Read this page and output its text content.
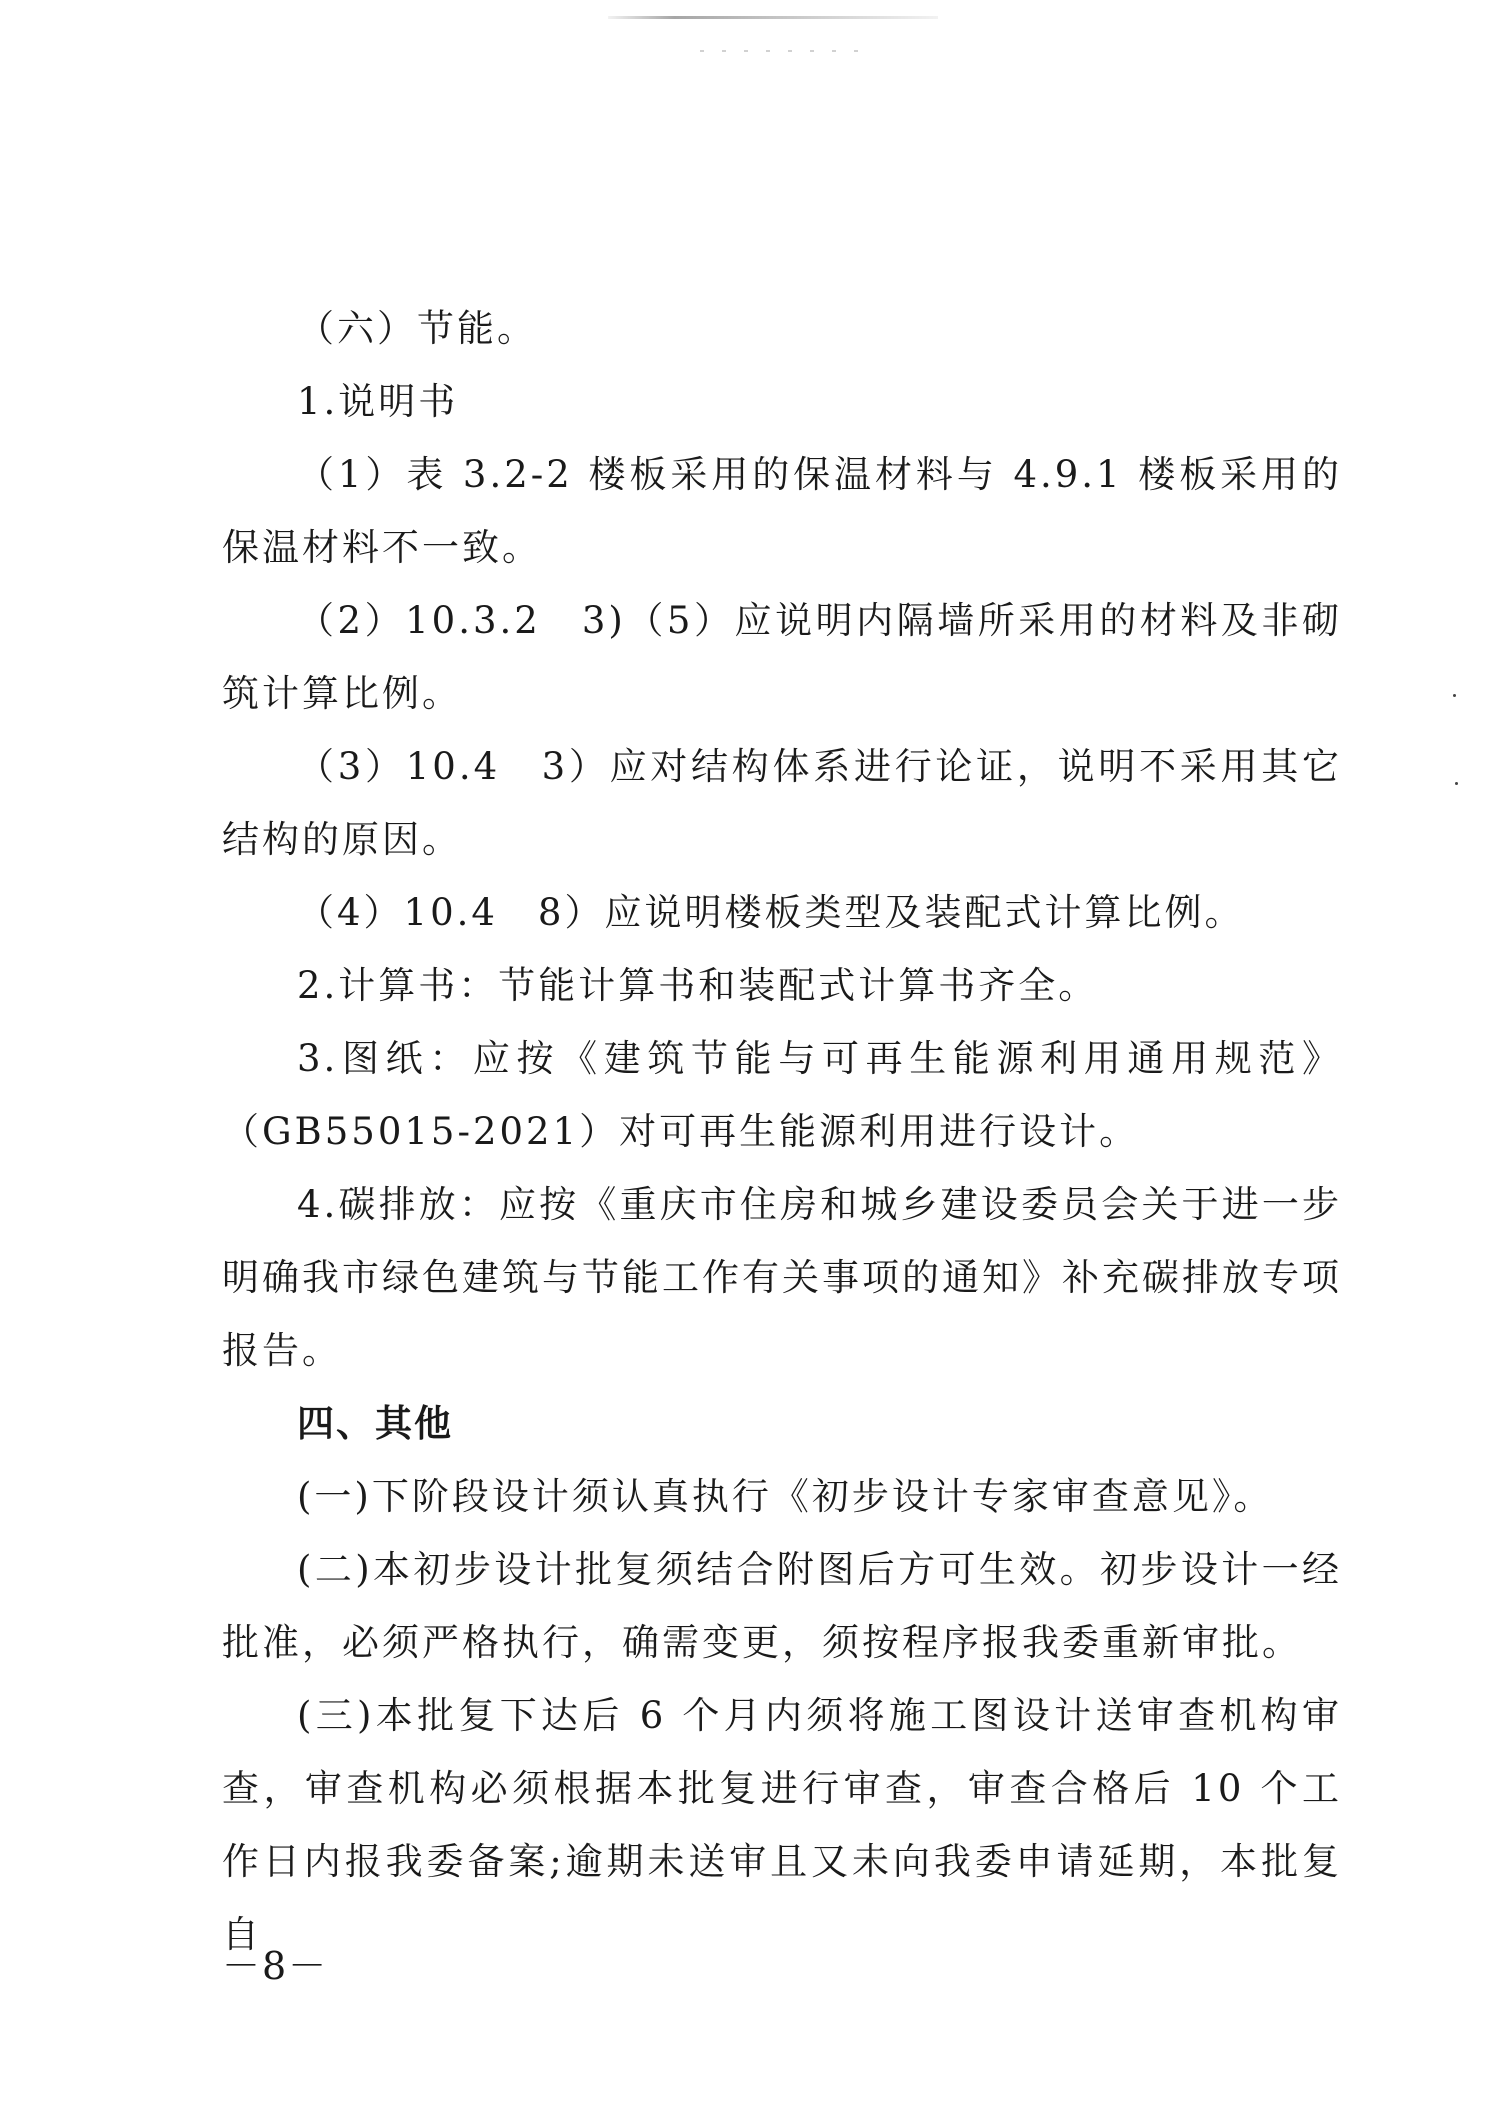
（六）节能。

1.说明书

（1）表 3.2-2 楼板采用的保温材料与 4.9.1 楼板采用的保温材料不一致。

（2）10.3.2　3)（5）应说明内隔墙所采用的材料及非砌筑计算比例。

（3）10.4　3）应对结构体系进行论证，说明不采用其它结构的原因。

（4）10.4　8）应说明楼板类型及装配式计算比例。

2.计算书：节能计算书和装配式计算书齐全。

3.图纸：应按《建筑节能与可再生能源利用通用规范》（GB55015-2021）对可再生能源利用进行设计。

4.碳排放：应按《重庆市住房和城乡建设委员会关于进一步明确我市绿色建筑与节能工作有关事项的通知》补充碳排放专项报告。

四、其他

(一)下阶段设计须认真执行《初步设计专家审查意见》。

(二)本初步设计批复须结合附图后方可生效。初步设计一经批准，必须严格执行，确需变更，须按程序报我委重新审批。

(三)本批复下达后 6 个月内须将施工图设计送审查机构审查，审查机构必须根据本批复进行审查，审查合格后 10 个工作日内报我委备案;逾期未送审且又未向我委申请延期，本批复自

－8－
